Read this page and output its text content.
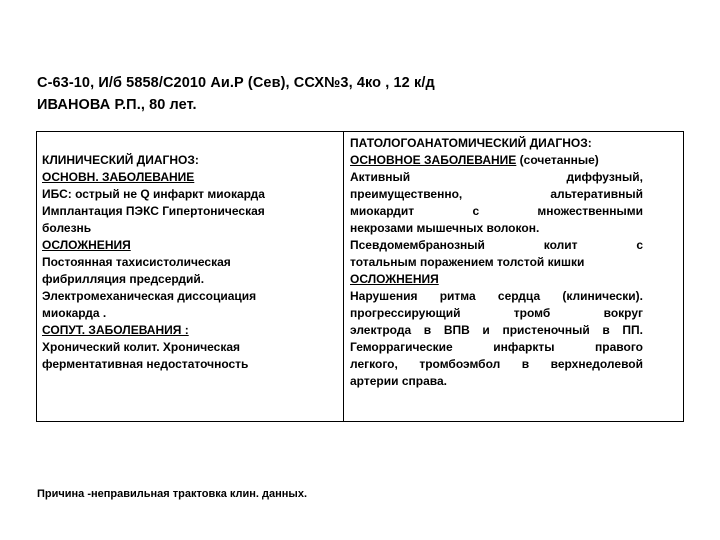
С-63-10, И/б 5858/С2010 Аи.Р (Сев), ССХ№3, 4ко , 12 к/д
ИВАНОВА Р.П., 80 лет.
КЛИНИЧЕСКИЙ ДИАГНОЗ:
ОСНОВН. ЗАБОЛЕВАНИЕ
ИБС: острый не Q инфаркт миокарда
Имплантация ПЭКС Гипертоническая
болезнь
ОСЛОЖНЕНИЯ
Постоянная тахисистолическая
фибрилляция предсердий.
Электромеханическая диссоциация
миокарда .
СОПУТ. ЗАБОЛЕВАНИЯ :
Хронический колит. Хроническая
ферментативная недостаточность
ПАТОЛОГОАНАТОМИЧЕСКИЙ ДИАГНОЗ:
ОСНОВНОЕ ЗАБОЛЕВАНИЕ (сочетанные)
Активный диффузный,
преимущественно, альтеративный
миокардит с множественными
некрозами мышечных волокон.
Псевдомембранозный колит с
тотальным поражением толстой кишки
ОСЛОЖНЕНИЯ
Нарушения ритма сердца (клинически).
прогрессирующий тромб вокруг
электрода в ВПВ и пристеночный в ПП.
Геморрагические инфаркты правого
легкого, тромбоэмбол в верхнедолевой
артерии справа.
Причина -неправильная трактовка клин. данных.
